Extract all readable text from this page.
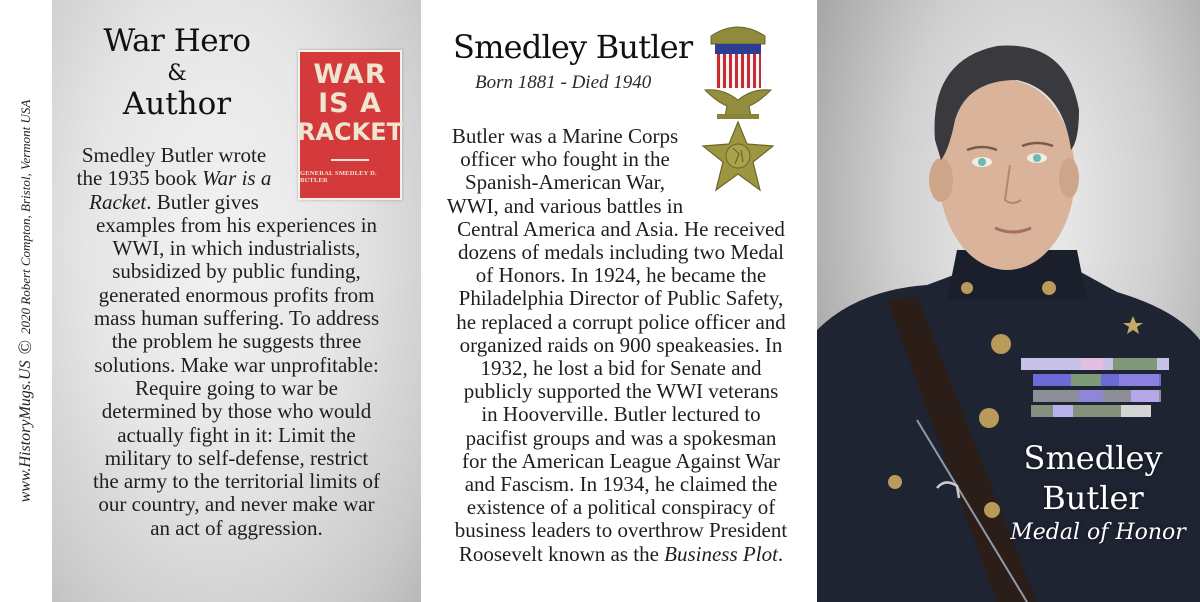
www.HistoryMugs.US
©
2020 Robert Compton, Bristol, Vermont USA
War Hero
&
Author
WAR
IS A
RACKET
GENERAL SMEDLEY D. BUTLER
Smedley Butler wrote
the 1935 book War is a
Racket. Butler gives
examples from his experiences in
WWI, in which industrialists,
subsidized by public funding,
generated enormous profits from
mass human suffering. To address
the problem he suggests three
solutions. Make war unprofitable:
Require going to war be
determined by those who would
actually fight in it: Limit the
military to self-defense, restrict
the army to the territorial limits of
our country, and never make war
an act of aggression.
Smedley Butler
Born 1881 - Died 1940
Butler was a Marine Corps
officer who fought in the
Spanish-American War,
WWI, and various battles in
Central America and Asia. He received
dozens of medals including two Medal
of Honors. In 1924, he became the
Philadelphia Director of Public Safety,
he replaced a corrupt police officer and
organized raids on 900 speakeasies. In
1932, he lost a bid for Senate and
publicly supported the WWI veterans
in Hooverville. Butler lectured to
pacifist groups and was a spokesman
for the American League Against War
and Fascism. In 1934, he claimed the
existence of a political conspiracy of
business leaders to overthrow President
Roosevelt known as the Business Plot.
Smedley
Butler
Medal of Honor
